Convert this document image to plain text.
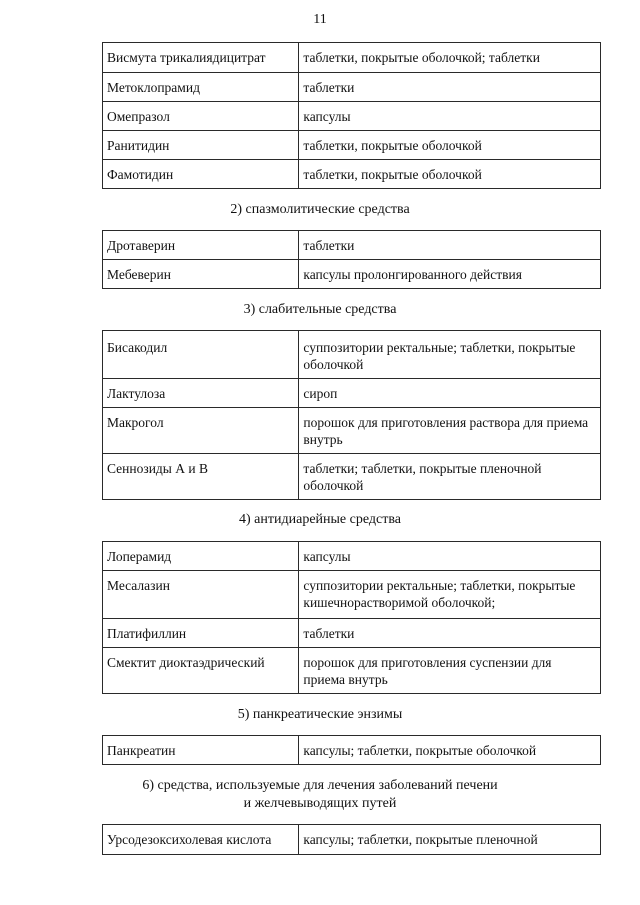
11
Висмута трикалиядицитрат	таблетки, покрытые оболочкой; таблетки

Метоклопрамид	таблетки

Омепразол	капсулы

Ранитидин	таблетки, покрытые оболочкой

Фамотидин	таблетки, покрытые оболочкой
2) спазмолитические средства
Дротаверин	таблетки

Мебеверин	капсулы пролонгированного действия
3) слабительные средства
Бисакодил	суппозитории ректальные; таблетки, покрытые оболочкой

Лактулоза	сироп

Макрогол	порошок для приготовления раствора для приема внутрь

Сеннозиды А и В	таблетки; таблетки, покрытые пленочной оболочкой
4) антидиарейные средства
Лоперамид	капсулы

Месалазин	суппозитории ректальные; таблетки, покрытые кишечнорастворимой оболочкой;

Платифиллин	таблетки

Смектит диоктаэдрический	порошок для приготовления суспензии для приема внутрь
5) панкреатические энзимы
Панкреатин	капсулы; таблетки, покрытые оболочкой
6) средства, используемые для лечения заболеваний печени
и желчевыводящих путей
Урсодезоксихолевая кислота	капсулы; таблетки, покрытые пленочной
